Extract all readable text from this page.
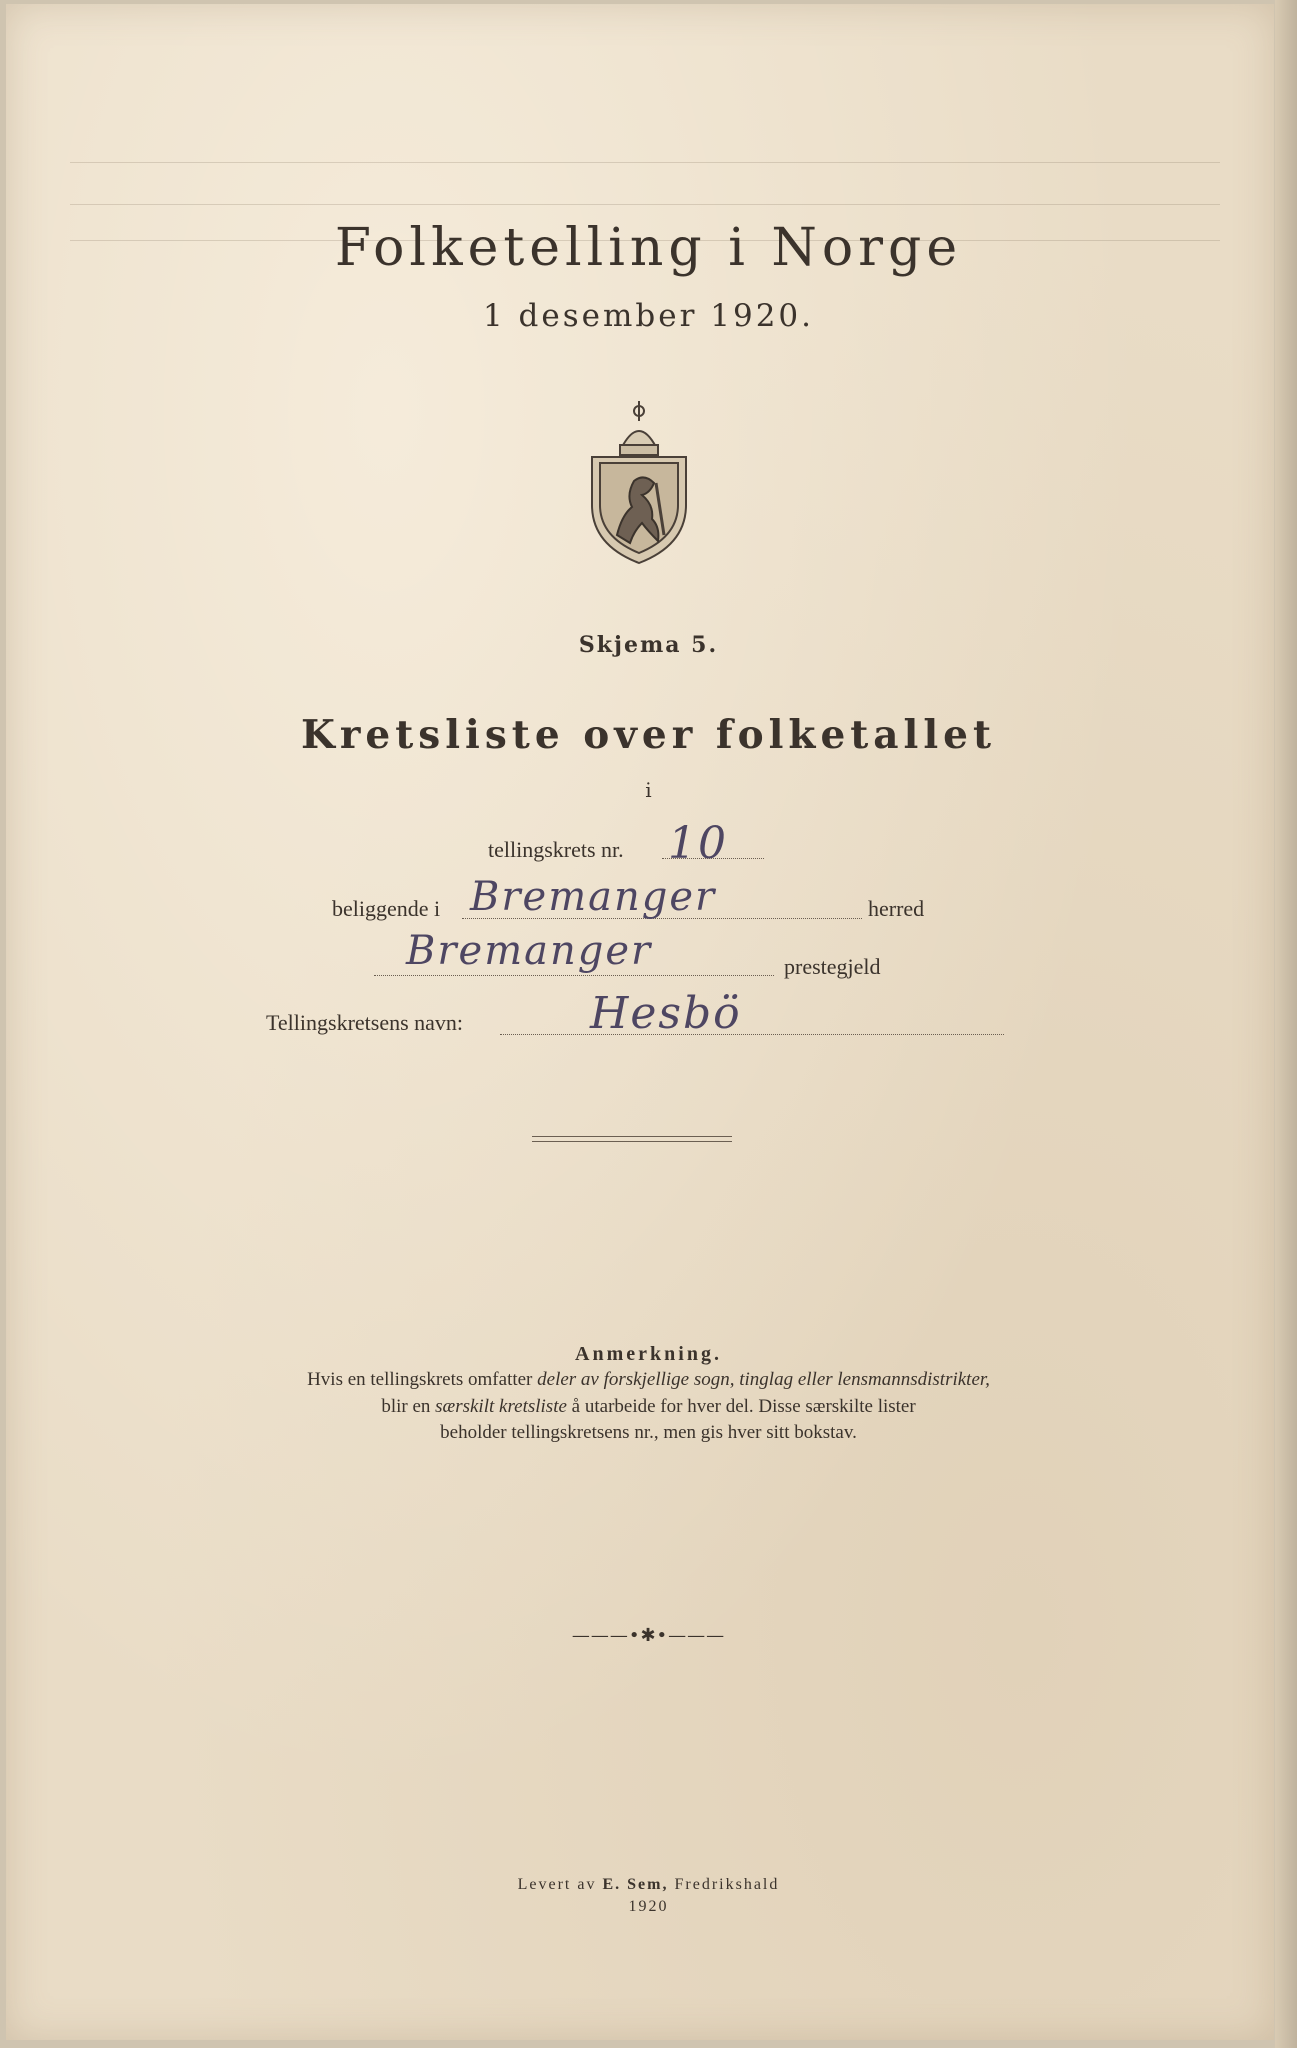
Folketelling i Norge
1 desember 1920.
Skjema 5.
Kretsliste over folketallet
i
tellingskrets nr. 10
beliggende i Bremanger	herred
Bremanger	prestegjeld
Tellingskretsens navn:	Hesbö
Anmerkning.
Hvis en tellingskrets omfatter deler av forskjellige sogn, tinglag eller lensmannsdistrikter,
blir en særskilt kretsliste å utarbeide for hver del. Disse særskilte lister
beholder tellingskretsens nr., men gis hver sitt bokstav.
———•✱•———
Levert av E. Sem, Fredrikshald
1920
